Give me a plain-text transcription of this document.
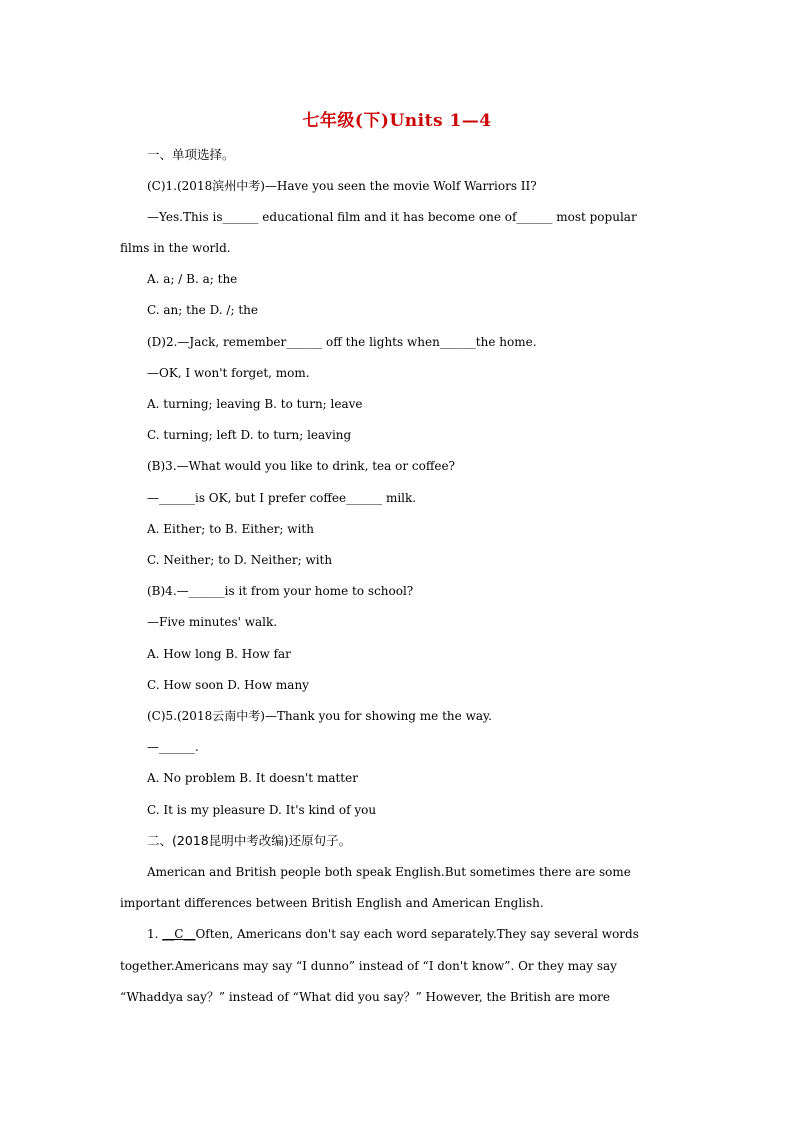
七年级(下)Units 1—4
一、单项选择。
(C)1.(2018滨州中考)—Have you seen the movie Wolf Warriors II?
—Yes.This is______ educational film and it has become one of______ most popular
films in the world.
A. a; / B. a; the
C. an; the D. /; the
(D)2.—Jack, remember______ off the lights when______the home.
—OK, I won't forget, mom.
A. turning; leaving B. to turn; leave
C. turning; left D. to turn; leaving
(B)3.—What would you like to drink, tea or coffee?
—______is OK, but I prefer coffee______ milk.
A. Either; to B. Either; with
C. Neither; to D. Neither; with
(B)4.—______is it from your home to school?
—Five minutes' walk.
A. How long B. How far
C. How soon D. How many
(C)5.(2018云南中考)—Thank you for showing me the way.
—______.
A. No problem B. It doesn't matter
C. It is my pleasure D. It's kind of you
二、(2018昆明中考改编)还原句子。
American and British people both speak English.But sometimes there are some
important differences between British English and American English.
1. __C__Often, Americans don't say each word separately.They say several words
together.Americans may say “I dunno” instead of “I don't know”. Or they may say
“Whaddya say？” instead of “What did you say？” However, the British are more
